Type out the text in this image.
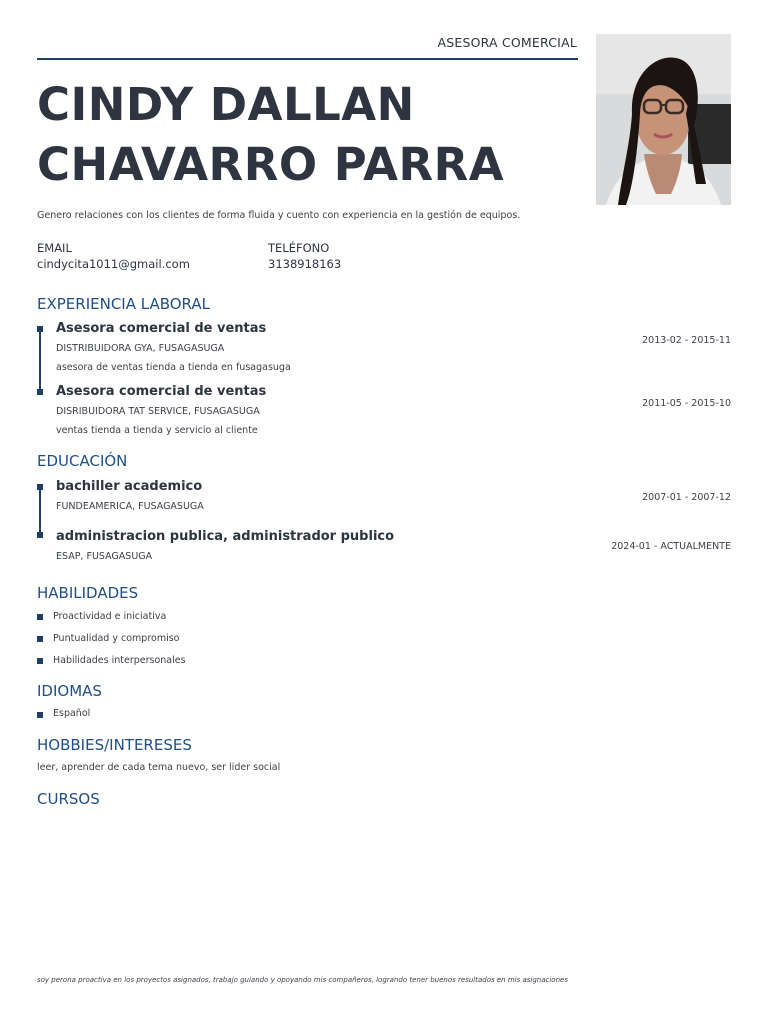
ASESORA COMERCIAL
CINDY DALLAN
CHAVARRO PARRA
Genero relaciones con los clientes de forma fluida y cuento con experiencia en la gestión de equipos.
EMAIL
cindycita1011@gmail.com
TELÉFONO
3138918163
EXPERIENCIA LABORAL
Asesora comercial de ventas
DISTRIBUIDORA GYA, FUSAGASUGA
asesora de ventas tienda a tienda en fusagasuga
2013-02 - 2015-11
Asesora comercial de ventas
DISRIBUIDORA TAT SERVICE, FUSAGASUGA
ventas tienda a tienda y servicio al cliente
2011-05 - 2015-10
EDUCACIÓN
bachiller academico
FUNDEAMERICA, FUSAGASUGA
2007-01 - 2007-12
administracion publica, administrador publico
ESAP, FUSAGASUGA
2024-01 - ACTUALMENTE
HABILIDADES
Proactividad e iniciativa
Puntualidad y compromiso
Habilidades interpersonales
IDIOMAS
Español
HOBBIES/INTERESES
leer, aprender de cada tema nuevo, ser lider social
CURSOS
soy perona proactiva en los proyectos asignados, trabajo guiando y opoyando mis compañeros, logrando tener buenos resultados en mis asignaciones
